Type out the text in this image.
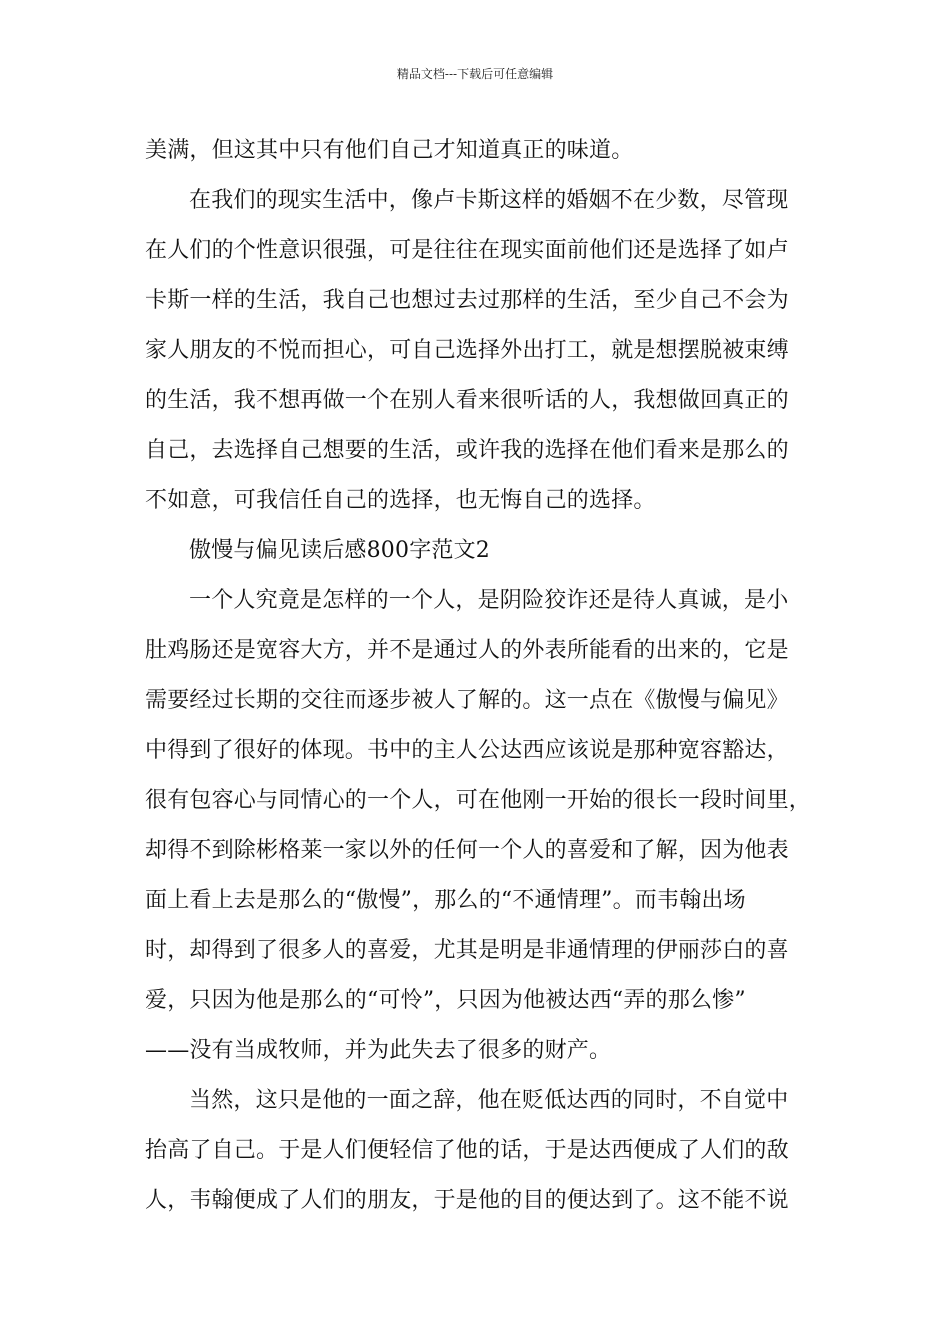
精品文档---下载后可任意编辑
美满，但这其中只有他们自己才知道真正的味道。
在我们的现实生活中，像卢卡斯这样的婚姻不在少数，尽管现
在人们的个性意识很强，可是往往在现实面前他们还是选择了如卢
卡斯一样的生活，我自己也想过去过那样的生活，至少自己不会为
家人朋友的不悦而担心，可自己选择外出打工，就是想摆脱被束缚
的生活，我不想再做一个在别人看来很听话的人，我想做回真正的
自己，去选择自己想要的生活，或许我的选择在他们看来是那么的
不如意，可我信任自己的选择，也无悔自己的选择。
傲慢与偏见读后感800字范文2
一个人究竟是怎样的一个人，是阴险狡诈还是待人真诚，是小
肚鸡肠还是宽容大方，并不是通过人的外表所能看的出来的，它是
需要经过长期的交往而逐步被人了解的。这一点在《傲慢与偏见》
中得到了很好的体现。书中的主人公达西应该说是那种宽容豁达，
很有包容心与同情心的一个人，可在他刚一开始的很长一段时间里，
却得不到除彬格莱一家以外的任何一个人的喜爱和了解，因为他表
面上看上去是那么的“傲慢”，那么的“不通情理”。而韦翰出场
时，却得到了很多人的喜爱，尤其是明是非通情理的伊丽莎白的喜
爱，只因为他是那么的“可怜”，只因为他被达西“弄的那么惨”
——没有当成牧师，并为此失去了很多的财产。
当然，这只是他的一面之辞，他在贬低达西的同时，不自觉中
抬高了自己。于是人们便轻信了他的话，于是达西便成了人们的敌
人，韦翰便成了人们的朋友，于是他的目的便达到了。这不能不说
